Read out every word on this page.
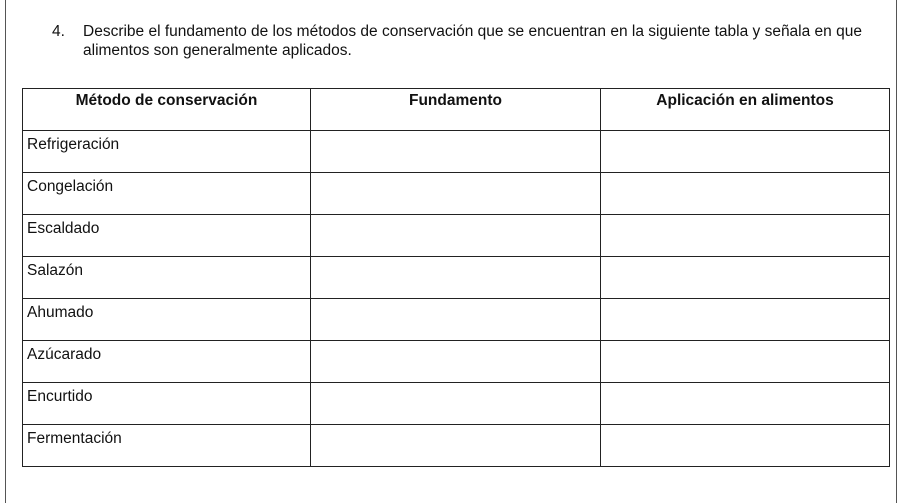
4. Describe el fundamento de los métodos de conservación que se encuentran en la siguiente tabla y señala en que alimentos son generalmente aplicados.
Método de conservación	Fundamento	Aplicación en alimentos
Refrigeración		
Congelación		
Escaldado		
Salazón		
Ahumado		
Azúcarado		
Encurtido		
Fermentación		
